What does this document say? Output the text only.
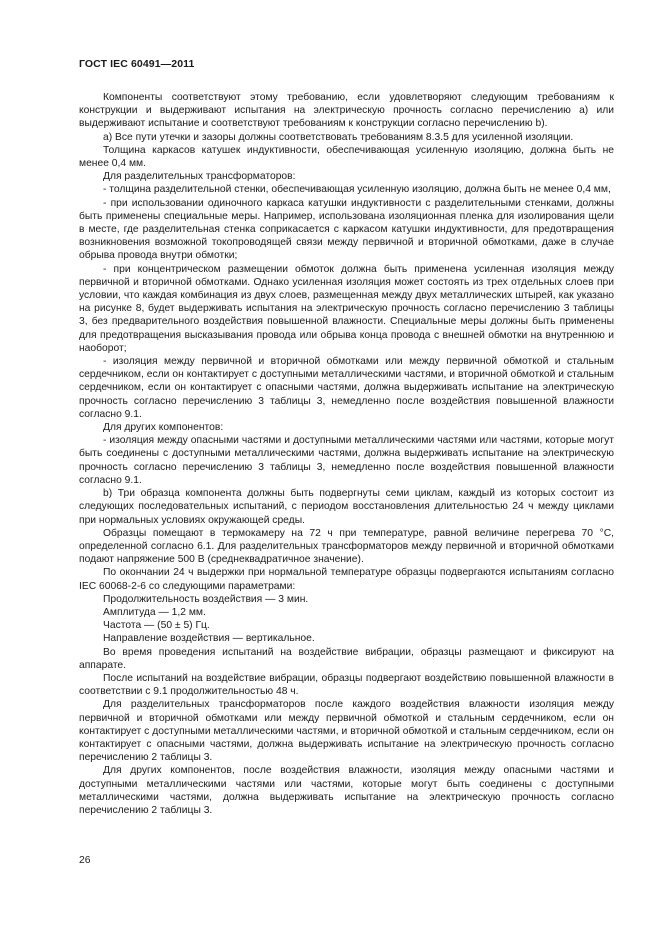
ГОСТ IEC 60491—2011

Компоненты соответствуют этому требованию, если удовлетворяют следующим требованиям к конструкции и выдерживают испытания на электрическую прочность согласно перечислению а) или выдерживают испытание и соответствуют требованиям к конструкции согласно перечислению b).

а) Все пути утечки и зазоры должны соответствовать требованиям 8.3.5 для усиленной изоляции.

Толщина каркасов катушек индуктивности, обеспечивающая усиленную изоляцию, должна быть не менее 0,4 мм.

Для разделительных трансформаторов:

- толщина разделительной стенки, обеспечивающая усиленную изоляцию, должна быть не менее 0,4 мм,

- при использовании одиночного каркаса катушки индуктивности с разделительными стенками, должны быть применены специальные меры. Например, использована изоляционная пленка для изолирования щели в месте, где разделительная стенка соприкасается с каркасом катушки индуктивности, для предотвращения возникновения возможной токопроводящей связи между первичной и вторичной обмотками, даже в случае обрыва провода внутри обмотки;

- при концентрическом размещении обмоток должна быть применена усиленная изоляция между первичной и вторичной обмотками. Однако усиленная изоляция может состоять из трех отдельных слоев при условии, что каждая комбинация из двух слоев, размещенная между двух металлических штырей, как указано на рисунке 8, будет выдерживать испытания на электрическую прочность согласно перечислению 3 таблицы 3, без предварительного воздействия повышенной влажности. Специальные меры должны быть применены для предотвращения высказывания провода или обрыва конца провода с внешней обмотки на внутреннюю и наоборот;

- изоляция между первичной и вторичной обмотками или между первичной обмоткой и стальным сердечником, если он контактирует с доступными металлическими частями, и вторичной обмоткой и стальным сердечником, если он контактирует с опасными частями, должна выдерживать испытание на электрическую прочность согласно перечислению 3 таблицы 3, немедленно после воздействия повышенной влажности согласно 9.1.

Для других компонентов:

- изоляция между опасными частями и доступными металлическими частями или частями, которые могут быть соединены с доступными металлическими частями, должна выдерживать испытание на электрическую прочность согласно перечислению 3 таблицы 3, немедленно после воздействия повышенной влажности согласно 9.1.

b) Три образца компонента должны быть подвергнуты семи циклам, каждый из которых состоит из следующих последовательных испытаний, с периодом восстановления длительностью 24 ч между циклами при нормальных условиях окружающей среды.

Образцы помещают в термокамеру на 72 ч при температуре, равной величине перегрева 70 °С, определенной согласно 6.1. Для разделительных трансформаторов между первичной и вторичной обмотками подают напряжение 500 В (среднеквадратичное значение).

По окончании 24 ч выдержки при нормальной температуре образцы подвергаются испытаниям согласно IEC 60068-2-6 со следующими параметрами:

Продолжительность воздействия — 3 мин.

Амплитуда — 1,2 мм.

Частота — (50 ± 5) Гц.

Направление воздействия — вертикальное.

Во время проведения испытаний на воздействие вибрации, образцы размещают и фиксируют на аппарате.

После испытаний на воздействие вибрации, образцы подвергают воздействию повышенной влажности в соответствии с 9.1 продолжительностью 48 ч.

Для разделительных трансформаторов после каждого воздействия влажности изоляция между первичной и вторичной обмотками или между первичной обмоткой и стальным сердечником, если он контактирует с доступными металлическими частями, и вторичной обмоткой и стальным сердечником, если он контактирует с опасными частями, должна выдерживать испытание на электрическую прочность согласно перечислению 2 таблицы 3.

Для других компонентов, после воздействия влажности, изоляция между опасными частями и доступными металлическими частями или частями, которые могут быть соединены с доступными металлическими частями, должна выдерживать испытание на электрическую прочность согласно перечислению 2 таблицы 3.

26
